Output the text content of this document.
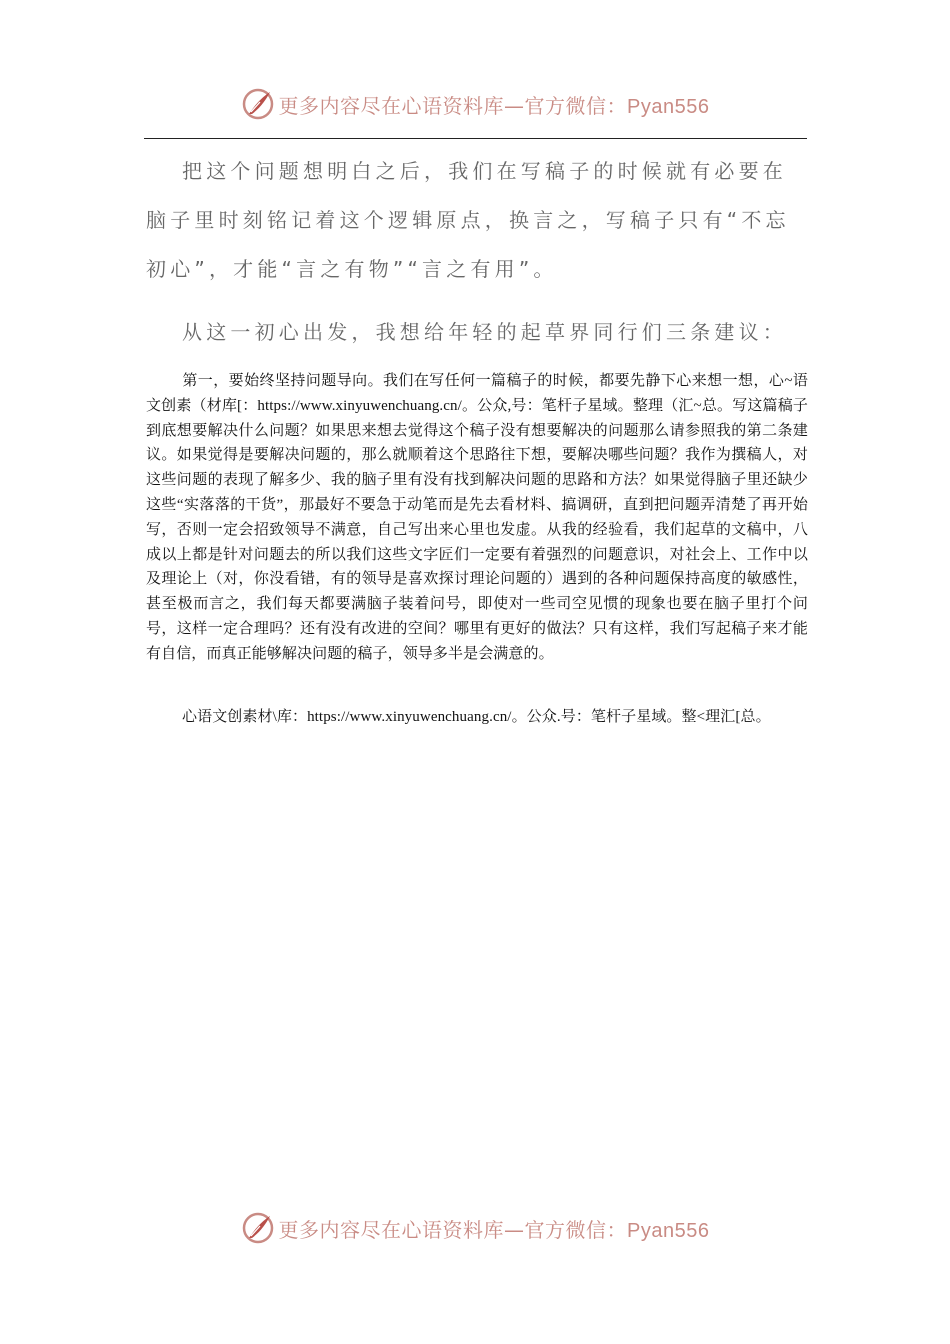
更多内容尽在心语资料库—官方微信：Pyan556

把这个问题想明白之后，我们在写稿子的时候就有必要在脑子里时刻铭记着这个逻辑原点，换言之，写稿子只有“不忘初心”，才能“言之有物”“言之有用”。

从这一初心出发，我想给年轻的起草界同行们三条建议：

第一，要始终坚持问题导向。我们在写任何一篇稿子的时候，都要先静下心来想一想，心~语文创素（材库[：https://www.xinyuwenchuang.cn/。公众,号：笔杆子星域。整理（汇~总。写这篇稿子到底想要解决什么问题？如果思来想去觉得这个稿子没有想要解决的问题那么请参照我的第二条建议。如果觉得是要解决问题的，那么就顺着这个思路往下想，要解决哪些问题？我作为撰稿人，对这些问题的表现了解多少、我的脑子里有没有找到解决问题的思路和方法？如果觉得脑子里还缺少这些“实落落的干货”，那最好不要急于动笔而是先去看材料、搞调研，直到把问题弄清楚了再开始写，否则一定会招致领导不满意，自己写出来心里也发虚。从我的经验看，我们起草的文稿中，八成以上都是针对问题去的所以我们这些文字匠们一定要有着强烈的问题意识，对社会上、工作中以及理论上（对，你没看错，有的领导是喜欢探讨理论问题的）遇到的各种问题保持高度的敏感性，甚至极而言之，我们每天都要满脑子装着问号，即使对一些司空见惯的现象也要在脑子里打个问号，这样一定合理吗？还有没有改进的空间？哪里有更好的做法？只有这样，我们写起稿子来才能有自信，而真正能够解决问题的稿子，领导多半是会满意的。

心语文创素材\库：https://www.xinyuwenchuang.cn/。公众.号：笔杆子星域。整<理汇[总。

更多内容尽在心语资料库—官方微信：Pyan556
